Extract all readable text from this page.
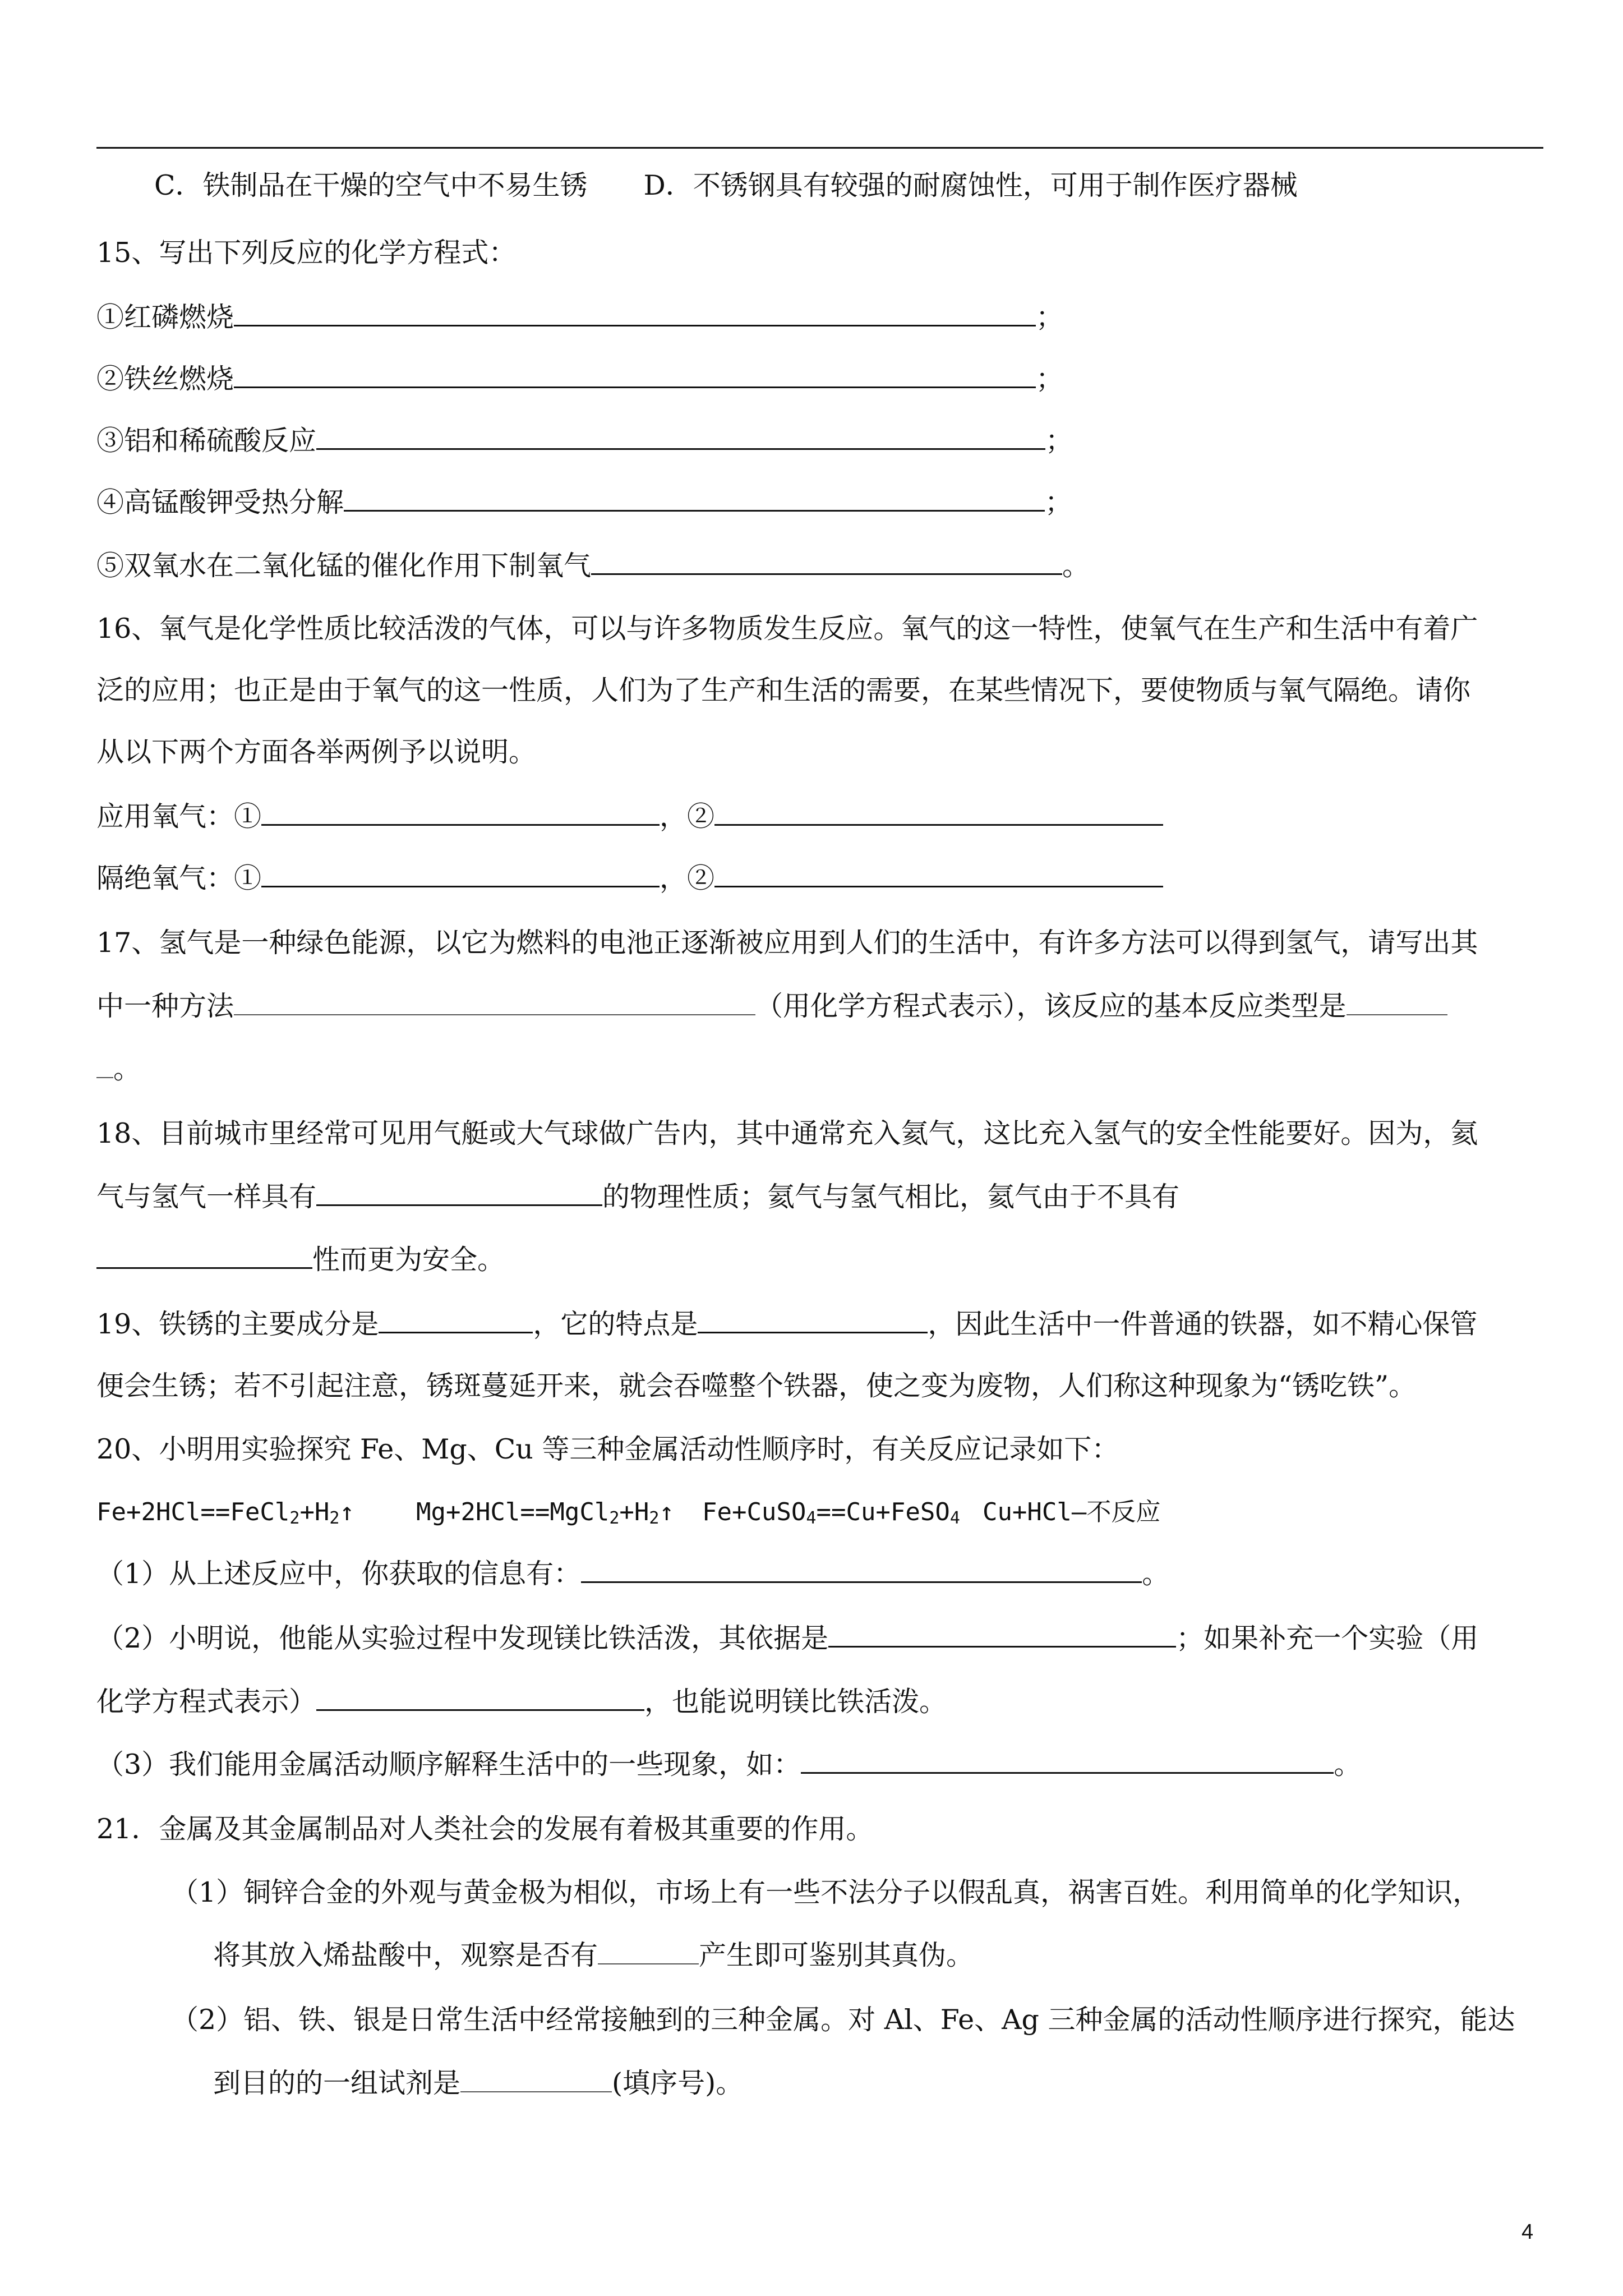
C．铁制品在干燥的空气中不易生锈 D．不锈钢具有较强的耐腐蚀性，可用于制作医疗器械
15、写出下列反应的化学方程式：
①红磷燃烧	；
②铁丝燃烧	；
③铝和稀硫酸反应	；
④高锰酸钾受热分解	；
⑤双氧水在二氧化锰的催化作用下制氧气	。
16、氧气是化学性质比较活泼的气体，可以与许多物质发生反应。氧气的这一特性，使氧气在生产和生活中有着广
泛的应用；也正是由于氧气的这一性质，人们为了生产和生活的需要，在某些情况下，要使物质与氧气隔绝。请你
从以下两个方面各举两例予以说明。
应用氧气：①	，②
隔绝氧气：①	，②
17、氢气是一种绿色能源，以它为燃料的电池正逐渐被应用到人们的生活中，有许多方法可以得到氢气，请写出其
中一种方法	（用化学方程式表示），该反应的基本反应类型是
。
18、目前城市里经常可见用气艇或大气球做广告内，其中通常充入氦气，这比充入氢气的安全性能要好。因为，氦
气与氢气一样具有	的物理性质；氦气与氢气相比，氦气由于不具有
性而更为安全。
19、铁锈的主要成分是	，它的特点是	，因此生活中一件普通的铁器，如不精心保管
便会生锈；若不引起注意，锈斑蔓延开来，就会吞噬整个铁器，使之变为废物，人们称这种现象为“锈吃铁”。
20、小明用实验探究 Fe、Mg、Cu 等三种金属活动性顺序时，有关反应记录如下：
$Fe+2HCl==FeCl_2+H_2↑$	$Mg+2HCl==MgCl_2+H_2↑$ Fe+CuSO$_4$==Cu+FeSO$_4$ Cu+HCl—不反应
（1）从上述反应中，你获取的信息有：	。
（2）小明说，他能从实验过程中发现镁比铁活泼，其依据是	；如果补充一个实验（用
化学方程式表示）	，也能说明镁比铁活泼。
（3）我们能用金属活动顺序解释生活中的一些现象，如：	。
21．金属及其金属制品对人类社会的发展有着极其重要的作用。
（1）铜锌合金的外观与黄金极为相似，市场上有一些不法分子以假乱真，祸害百姓。利用简单的化学知识，
将其放入烯盐酸中，观察是否有	产生即可鉴别其真伪。
（2）铝、铁、银是日常生活中经常接触到的三种金属。对 Al、Fe、Ag 三种金属的活动性顺序进行探究，能达
到目的的一组试剂是	(填序号)。
4
